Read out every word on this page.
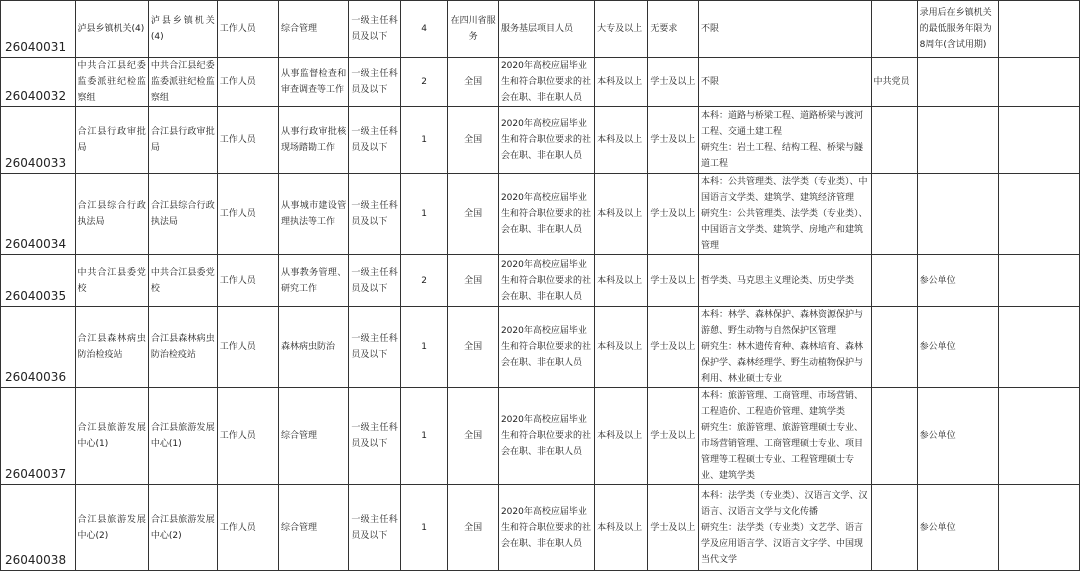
26040031	泸县乡镇机关(4)	泸县乡镇机关(4)	工作人员	综合管理	一级主任科员及以下	4	在四川省服务	服务基层项目人员	大专及以上	无要求	不限		录用后在乡镇机关的最低服务年限为8周年(含试用期)	
26040032	中共合江县纪委监委派驻纪检监察组	中共合江县纪委监委派驻纪检监察组	工作人员	从事监督检查和审查调查等工作	一级主任科员及以下	2	全国	2020年高校应届毕业生和符合职位要求的社会在职、非在职人员	本科及以上	学士及以上	不限	中共党员		
26040033	合江县行政审批局	合江县行政审批局	工作人员	从事行政审批核现场踏勘工作	一级主任科员及以下	1	全国	2020年高校应届毕业生和符合职位要求的社会在职、非在职人员	本科及以上	学士及以上	本科：道路与桥梁工程、道路桥梁与渡河工程、交通土建工程
研究生：岩土工程、结构工程、桥梁与隧道工程			
26040034	合江县综合行政执法局	合江县综合行政执法局	工作人员	从事城市建设管理执法等工作	一级主任科员及以下	1	全国	2020年高校应届毕业生和符合职位要求的社会在职、非在职人员	本科及以上	学士及以上	本科：公共管理类、法学类（专业类）、中国语言文学类、建筑学、建筑经济管理
研究生：公共管理类、法学类（专业类）、中国语言文学类、建筑学、房地产和建筑管理			
26040035	中共合江县委党校	中共合江县委党校	工作人员	从事教务管理、研究工作	一级主任科员及以下	2	全国	2020年高校应届毕业生和符合职位要求的社会在职、非在职人员	本科及以上	学士及以上	哲学类、马克思主义理论类、历史学类		参公单位	
26040036	合江县森林病虫防治检疫站	合江县森林病虫防治检疫站	工作人员	森林病虫防治	一级主任科员及以下	1	全国	2020年高校应届毕业生和符合职位要求的社会在职、非在职人员	本科及以上	学士及以上	本科：林学、森林保护、森林资源保护与游憩、野生动物与自然保护区管理
研究生：林木遗传育种、森林培育、森林保护学、森林经理学、野生动植物保护与利用、林业硕士专业		参公单位	
26040037	合江县旅游发展中心(1)	合江县旅游发展中心(1)	工作人员	综合管理	一级主任科员及以下	1	全国	2020年高校应届毕业生和符合职位要求的社会在职、非在职人员	本科及以上	学士及以上	本科：旅游管理、工商管理、市场营销、工程造价、工程造价管理、建筑学类
研究生：旅游管理、旅游管理硕士专业、市场营销管理、工商管理硕士专业、项目管理等工程硕士专业、工程管理硕士专业、建筑学类		参公单位	
26040038	合江县旅游发展中心(2)	合江县旅游发展中心(2)	工作人员	综合管理	一级主任科员及以下	1	全国	2020年高校应届毕业生和符合职位要求的社会在职、非在职人员	本科及以上	学士及以上	本科：法学类（专业类）、汉语言文学、汉语言、汉语言文学与文化传播
研究生：法学类（专业类）文艺学、语言学及应用语言学、汉语言文字学、中国现当代文学		参公单位	
